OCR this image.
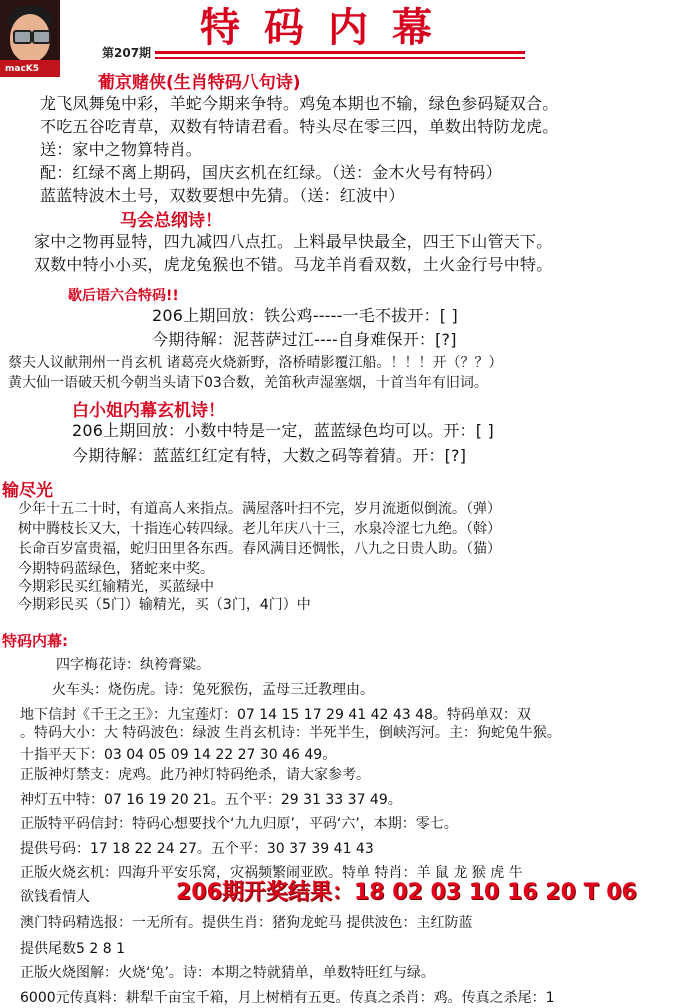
macK5
特码内幕
第207期
葡京赌侠(生肖特码八句诗)
龙飞凤舞兔中彩，羊蛇今期来争特。鸡兔本期也不输，绿色参码疑双合。
不吃五谷吃青草，双数有特请君看。特头尽在零三四，单数出特防龙虎。
送：家中之物算特肖。
配：红绿不离上期码，国庆玄机在红绿。（送：金木火号有特码）
蓝蓝特波木土号，双数要想中先猜。（送：红波中）
马会总纲诗！
家中之物再显特，四九减四八点扛。上料最早快最全，四王下山管天下。
双数中特小小买，虎龙兔猴也不错。马龙羊肖看双数，土火金行号中特。
歇后语六合特码!!
206上期回放：铁公鸡-----一毛不拔开：[ ]
今期待解：泥菩萨过江----自身难保开：[?]
蔡夫人议献荆州一肖玄机 诸葛亮火烧新野，洛桥晴影覆江船。！！！开（？？）
黄大仙一语破天机今朝当头请下03合数，羌笛秋声湿塞烟，十首当年有旧词。
白小姐内幕玄机诗！
206上期回放：小数中特是一定，蓝蓝绿色均可以。开：[ ]
今期待解：蓝蓝红红定有特，大数之码等着猜。开：[?]
输尽光
少年十五二十时，有道高人来指点。满屋落叶扫不完，岁月流逝似倒流。（弹）
树中腾枝长又大，十指连心转四绿。老儿年庆八十三，水泉冷涩七九绝。（斡）
长命百岁富贵福，蛇归田里各东西。春风满目还惆怅，八九之日贵人助。（猫）
今期特码蓝绿色，猪蛇来中奖。
今期彩民买红输精光，买蓝绿中
今期彩民买（5门）输精光，买（3门，4门）中
特码内幕:
四字梅花诗：纨袴膏粱。
火车头：烧伤虎。诗：兔死猴伤，孟母三迁教理由。
地下信封《千王之王》：九宝莲灯：07 14 15 17 29 41 42 43 48。特码单双：双
。特码大小：大 特码波色：绿波 生肖玄机诗：半死半生，倒峡泻河。主：狗蛇兔牛猴。
十指平天下：03 04 05 09 14 22 27 30 46 49。
正版神灯禁支：虎鸡。此乃神灯特码绝杀，请大家参考。
神灯五中特：07 16 19 20 21。五个平：29 31 33 37 49。
正版特平码信封：特码心想要找个‘九九归原’，平码‘六’，本期：零七。
提供号码：17 18 22 24 27。五个平：30 37 39 41 43
正版火烧玄机：四海升平安乐窝，灾祸频繁闹亚欧。特单 特肖：羊 鼠 龙 猴 虎 牛
欲钱看情人	206期开奖结果：18 02 03 10 16 20 T 06
澳门特码精选报：一无所有。提供生肖：猪狗龙蛇马 提供波色：主红防蓝
提供尾数5 2 8 1
正版火烧图解：火烧‘兔’。诗：本期之特就猜单，单数特旺红与绿。
6000元传真料：耕犁千亩宝千箱，月上树梢有五更。传真之杀肖：鸡。传真之杀尾：1
